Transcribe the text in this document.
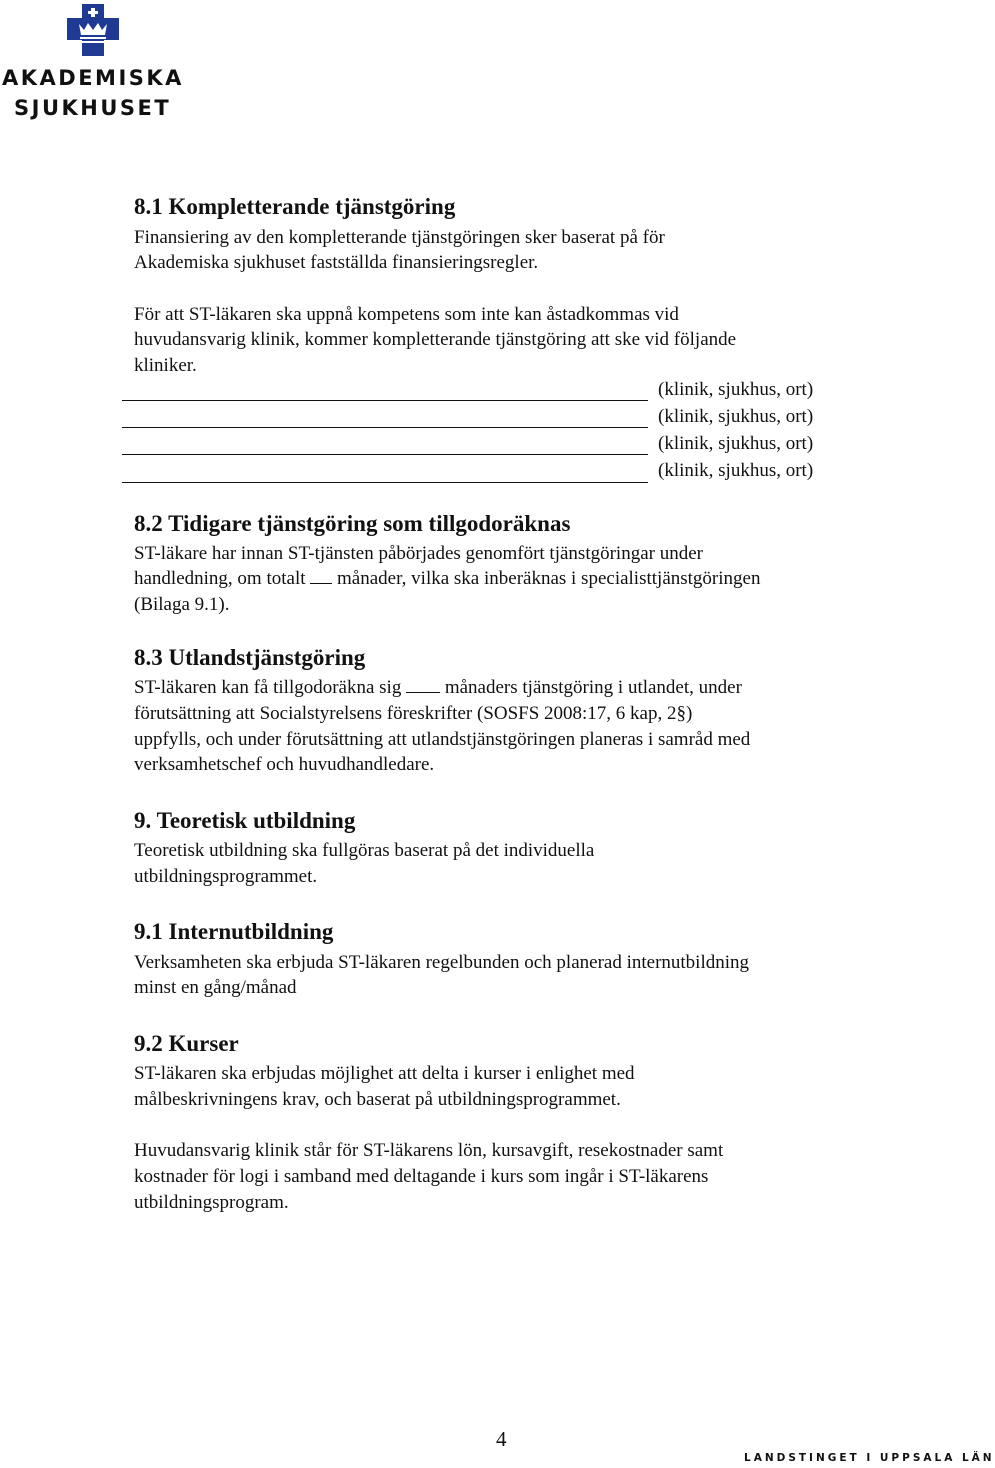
AKADEMISKA
SJUKHUSET
8.1 Kompletterande tjänstgöring

Finansiering av den kompletterande tjänstgöringen sker baserat på för

Akademiska sjukhuset fastställda finansieringsregler.

För att ST-läkaren ska uppnå kompetens som inte kan åstadkommas vid

huvudansvarig klinik, kommer kompletterande tjänstgöring att ske vid följande

kliniker.

(klinik, sjukhus, ort)
(klinik, sjukhus, ort)
(klinik, sjukhus, ort)
(klinik, sjukhus, ort)
8.2 Tidigare tjänstgöring som tillgodoräknas

ST-läkare har innan ST-tjänsten påbörjades genomfört tjänstgöringar under

handledning, om totalt  månader, vilka ska inberäknas i specialisttjänstgöringen

(Bilaga 9.1).

8.3 Utlandstjänstgöring

ST-läkaren kan få tillgodoräkna sig  månaders tjänstgöring i utlandet, under

förutsättning att Socialstyrelsens föreskrifter (SOSFS 2008:17, 6 kap, 2§)

uppfylls, och under förutsättning att utlandstjänstgöringen planeras i samråd med

verksamhetschef och huvudhandledare.

9. Teoretisk utbildning

Teoretisk utbildning ska fullgöras baserat på det individuella

utbildningsprogrammet.

9.1 Internutbildning

Verksamheten ska erbjuda ST-läkaren regelbunden och planerad internutbildning

minst en gång/månad

9.2 Kurser

ST-läkaren ska erbjudas möjlighet att delta i kurser i enlighet med

målbeskrivningens krav, och baserat på utbildningsprogrammet.

Huvudansvarig klinik står för ST-läkarens lön, kursavgift, resekostnader samt

kostnader för logi i samband med deltagande i kurs som ingår i ST-läkarens

utbildningsprogram.

4
LANDSTINGET I UPPSALA LÄN
